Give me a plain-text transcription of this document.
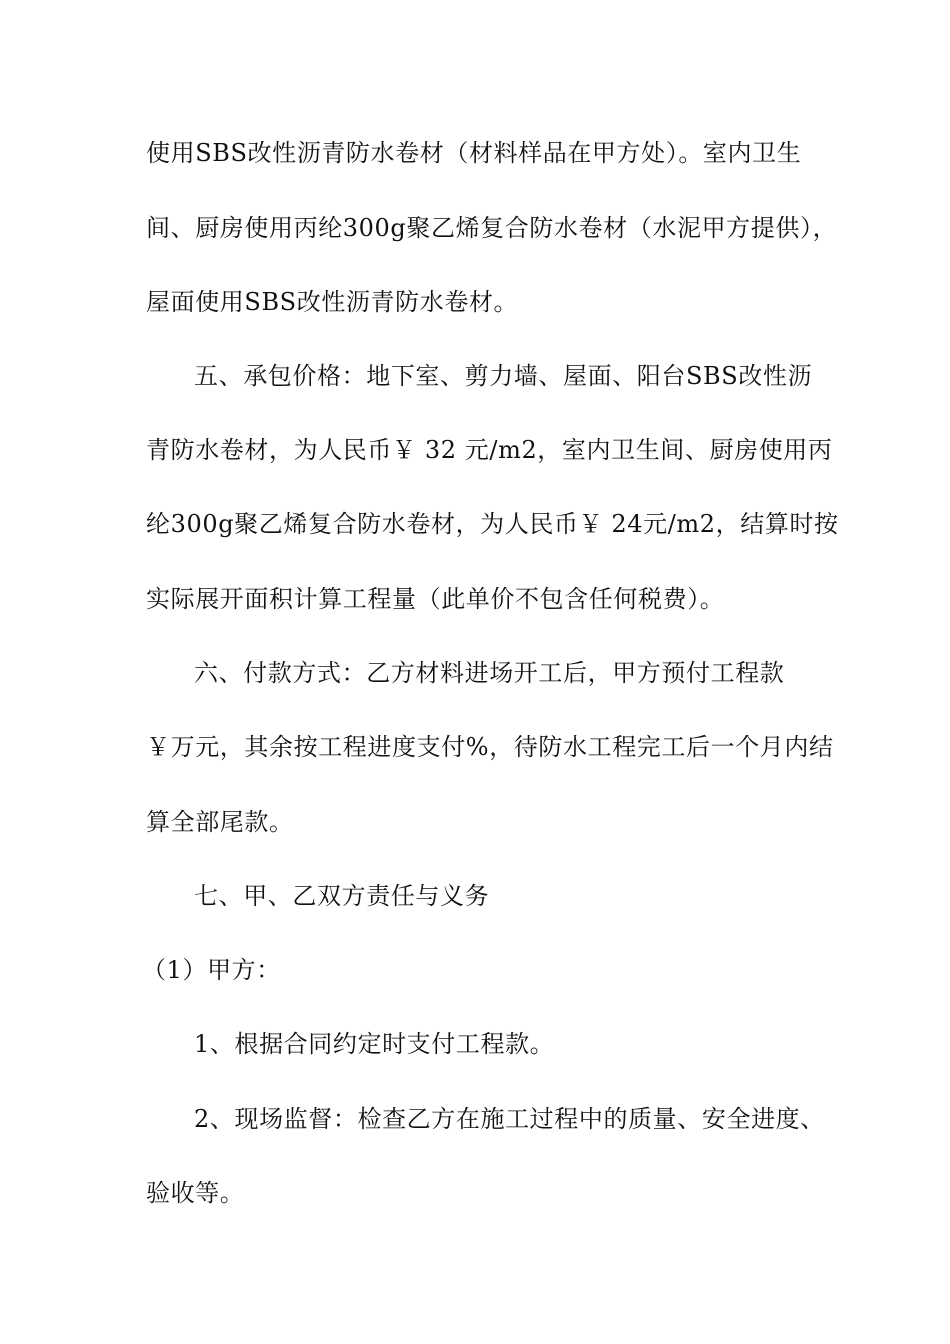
使用SBS改性沥青防水卷材（材料样品在甲方处）。室内卫生
间、厨房使用丙纶300g聚乙烯复合防水卷材（水泥甲方提供），
屋面使用SBS改性沥青防水卷材。
五、承包价格：地下室、剪力墙、屋面、阳台SBS改性沥
青防水卷材，为人民币￥ 32 元/m2，室内卫生间、厨房使用丙
纶300g聚乙烯复合防水卷材，为人民币￥ 24元/m2，结算时按
实际展开面积计算工程量（此单价不包含任何税费）。
六、付款方式：乙方材料进场开工后，甲方预付工程款
￥万元，其余按工程进度支付%，待防水工程完工后一个月内结
算全部尾款。
七、甲、乙双方责任与义务
（1）甲方：
1、根据合同约定时支付工程款。
2、现场监督：检查乙方在施工过程中的质量、安全进度、
验收等。
